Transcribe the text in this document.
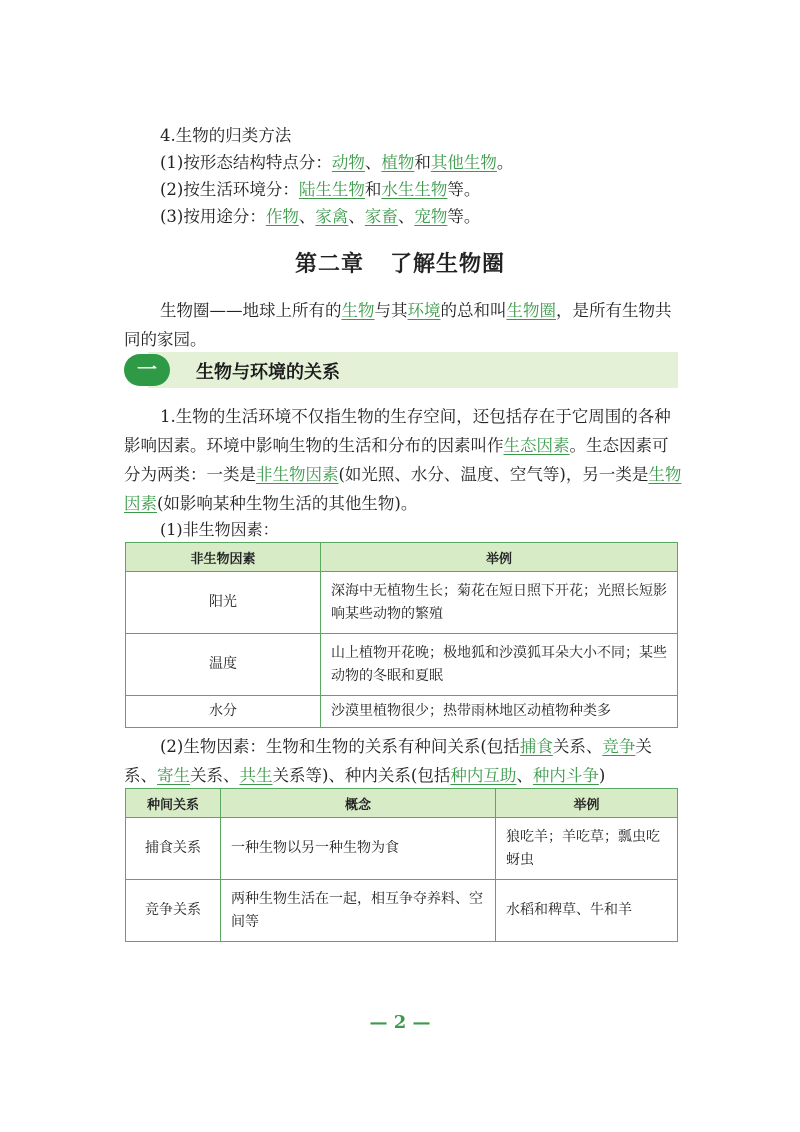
4.生物的归类方法

(1)按形态结构特点分：动物、植物和其他生物。

(2)按生活环境分：陆生生物和水生生物等。

(3)按用途分：作物、家禽、家畜、宠物等。

第二章 了解生物圈

生物圈——地球上所有的生物与其环境的总和叫生物圈，是所有生物共同的家园。

一	生物与环境的关系

1.生物的生活环境不仅指生物的生存空间，还包括存在于它周围的各种影响因素。环境中影响生物的生活和分布的因素叫作生态因素。生态因素可分为两类：一类是非生物因素(如光照、水分、温度、空气等)，另一类是生物因素(如影响某种生物生活的其他生物)。

(1)非生物因素：

非生物因素	举例
阳光	深海中无植物生长；菊花在短日照下开花；光照长短影响某些动物的繁殖
温度	山上植物开花晚；极地狐和沙漠狐耳朵大小不同；某些动物的冬眠和夏眠
水分	沙漠里植物很少；热带雨林地区动植物种类多

(2)生物因素：生物和生物的关系有种间关系(包括捕食关系、竞争关系、寄生关系、共生关系等)、种内关系(包括种内互助、种内斗争)

种间关系	概念	举例
捕食关系	一种生物以另一种生物为食	狼吃羊；羊吃草；瓢虫吃蚜虫
竞争关系	两种生物生活在一起，相互争夺养料、空间等	水稻和稗草、牛和羊
— 2 —
